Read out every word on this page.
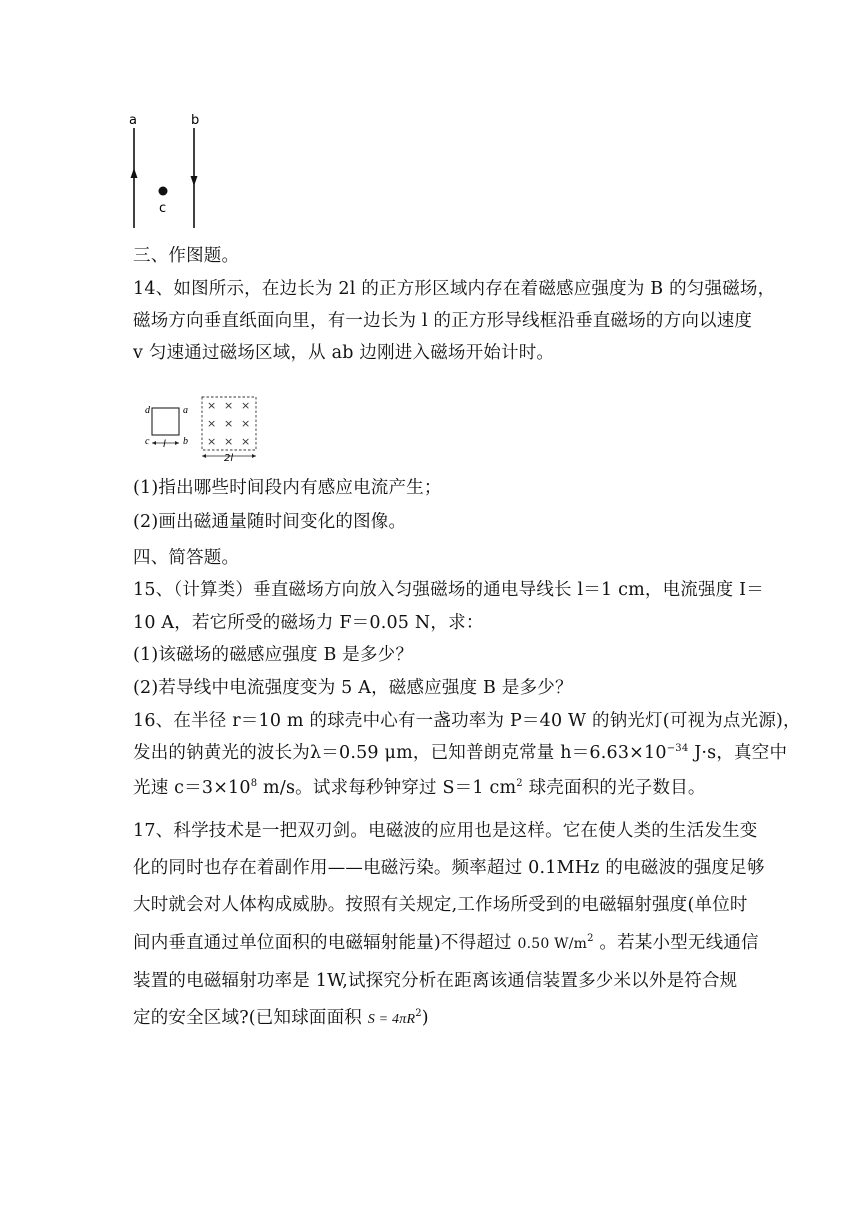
a	b
c
三、作图题。
14、如图所示，在边长为 2l 的正方形区域内存在着磁感应强度为 B 的匀强磁场，
磁场方向垂直纸面向里，有一边长为 l 的正方形导线框沿垂直磁场的方向以速度
v 匀速通过磁场区域，从 ab 边刚进入磁场开始计时。
d	a
c	b
l
× × ×
× × ×
× × ×
2l
(1)指出哪些时间段内有感应电流产生；
(2)画出磁通量随时间变化的图像。
四、简答题。
15、（计算类）垂直磁场方向放入匀强磁场的通电导线长 l＝1 cm，电流强度 I＝
10 A，若它所受的磁场力 F＝0.05 N，求：
(1)该磁场的磁感应强度 B 是多少？
(2)若导线中电流强度变为 5 A，磁感应强度 B 是多少？
16、在半径 r＝10 m 的球壳中心有一盏功率为 P＝40 W 的钠光灯(可视为点光源)，
发出的钠黄光的波长为λ＝0.59 μm，已知普朗克常量 $h=6.63\times 10^{-34}$ J·s，真空中
光速 $c=3\times 10^8$ m/s。试求每秒钟穿过 S＝1 $cm^2$ 球壳面积的光子数目。
17、科学技术是一把双刃剑。电磁波的应用也是这样。它在使人类的生活发生变
化的同时也存在着副作用——电磁污染。频率超过 0.1MHz 的电磁波的强度足够
大时就会对人体构成威胁。按照有关规定,工作场所受到的电磁辐射强度(单位时
间内垂直通过单位面积的电磁辐射能量)不得超过 0.50 $W/m^2$ 。若某小型无线通信
装置的电磁辐射功率是 1W,试探究分析在距离该通信装置多少米以外是符合规
定的安全区域?(已知球面面积 $S = 4\pi R^2$)
